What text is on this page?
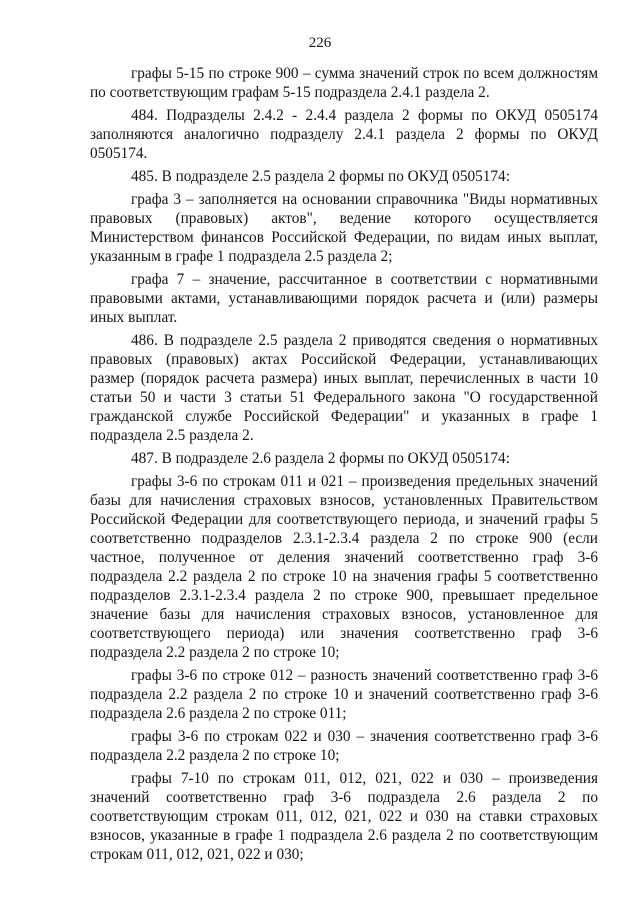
226

графы 5-15 по строке 900 – сумма значений строк по всем должностям по соответствующим графам 5-15 подраздела 2.4.1 раздела 2.

484. Подразделы 2.4.2 - 2.4.4 раздела 2 формы по ОКУД 0505174 заполняются аналогично подразделу 2.4.1 раздела 2 формы по ОКУД 0505174.

485. В подразделе 2.5 раздела 2 формы по ОКУД 0505174:

графа 3 – заполняется на основании справочника "Виды нормативных правовых (правовых) актов", ведение которого осуществляется Министерством финансов Российской Федерации, по видам иных выплат, указанным в графе 1 подраздела 2.5 раздела 2;

графа 7 – значение, рассчитанное в соответствии с нормативными правовыми актами, устанавливающими порядок расчета и (или) размеры иных выплат.

486. В подразделе 2.5 раздела 2 приводятся сведения о нормативных правовых (правовых) актах Российской Федерации, устанавливающих размер (порядок расчета размера) иных выплат, перечисленных в части 10 статьи 50 и части 3 статьи 51 Федерального закона "О государственной гражданской службе Российской Федерации" и указанных в графе 1 подраздела 2.5 раздела 2.

487. В подразделе 2.6 раздела 2 формы по ОКУД 0505174:

графы 3-6 по строкам 011 и 021 – произведения предельных значений базы для начисления страховых взносов, установленных Правительством Российской Федерации для соответствующего периода, и значений графы 5 соответственно подразделов 2.3.1-2.3.4 раздела 2 по строке 900 (если частное, полученное от деления значений соответственно граф 3-6 подраздела 2.2 раздела 2 по строке 10 на значения графы 5 соответственно подразделов 2.3.1-2.3.4 раздела 2 по строке 900, превышает предельное значение базы для начисления страховых взносов, установленное для соответствующего периода) или значения соответственно граф 3-6 подраздела 2.2 раздела 2 по строке 10;

графы 3-6 по строке 012 – разность значений соответственно граф 3-6 подраздела 2.2 раздела 2 по строке 10 и значений соответственно граф 3-6 подраздела 2.6 раздела 2 по строке 011;

графы 3-6 по строкам 022 и 030 – значения соответственно граф 3-6 подраздела 2.2 раздела 2 по строке 10;

графы 7-10 по строкам 011, 012, 021, 022 и 030 – произведения значений соответственно граф 3-6 подраздела 2.6 раздела 2 по соответствующим строкам 011, 012, 021, 022 и 030 на ставки страховых взносов, указанные в графе 1 подраздела 2.6 раздела 2 по соответствующим строкам 011, 012, 021, 022 и 030;
